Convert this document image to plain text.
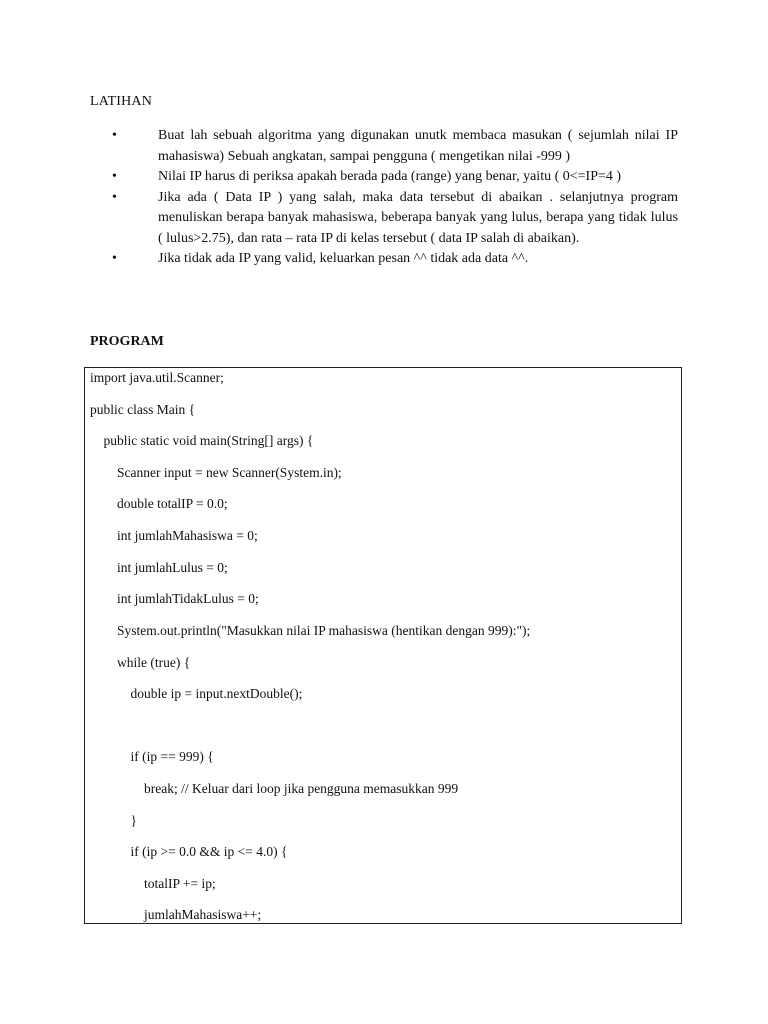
LATIHAN
•	Buat lah sebuah algoritma yang digunakan unutk membaca masukan ( sejumlah nilai IP mahasiswa) Sebuah angkatan, sampai pengguna ( mengetikan nilai -999 )
•	Nilai IP harus di periksa apakah berada pada (range) yang benar, yaitu ( 0<=IP=4 )
•	Jika ada ( Data IP ) yang salah, maka data tersebut di abaikan . selanjutnya program menuliskan berapa banyak mahasiswa, beberapa banyak yang lulus, berapa yang tidak lulus ( lulus>2.75), dan rata – rata IP di kelas tersebut ( data IP salah di abaikan).
•	Jika tidak ada IP yang valid, keluarkan pesan ^^ tidak ada data ^^.
PROGRAM
import java.util.Scanner;
public class Main {
public static void main(String[] args) {
Scanner input = new Scanner(System.in);
double totalIP = 0.0;
int jumlahMahasiswa = 0;
int jumlahLulus = 0;
int jumlahTidakLulus = 0;
System.out.println("Masukkan nilai IP mahasiswa (hentikan dengan 999):");
while (true) {
double ip = input.nextDouble();
if (ip == 999) {
break; // Keluar dari loop jika pengguna memasukkan 999
}
if (ip >= 0.0 && ip <= 4.0) {
totalIP += ip;
jumlahMahasiswa++;
